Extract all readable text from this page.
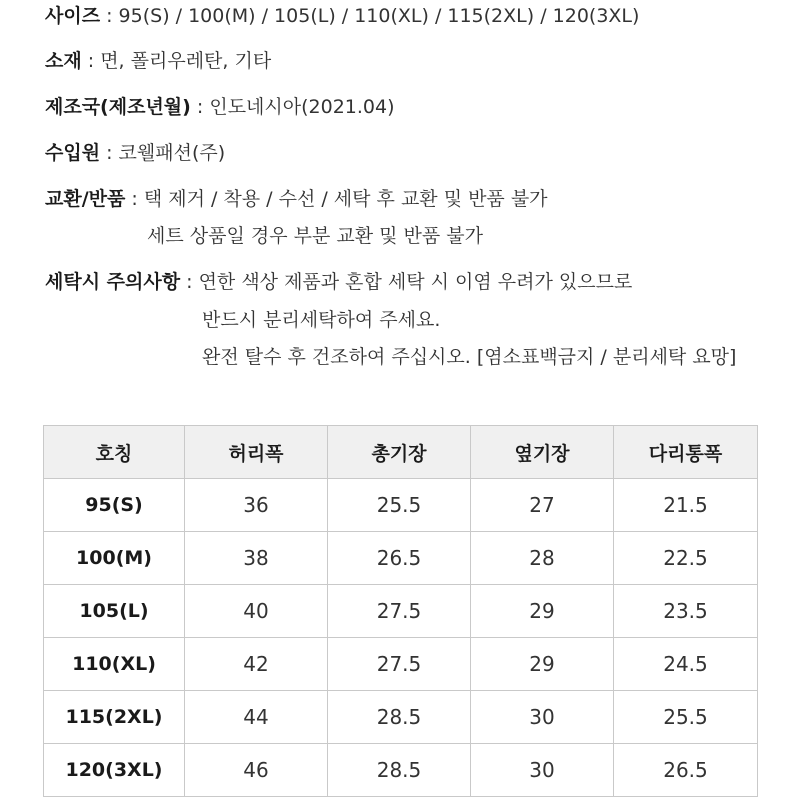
사이즈 : 95(S) / 100(M) / 105(L) / 110(XL) / 115(2XL) / 120(3XL)
소재 : 면, 폴리우레탄, 기타
제조국(제조년월) : 인도네시아(2021.04)
수입원 : 코웰패션(주)
교환/반품 : 택 제거 / 착용 / 수선 / 세탁 후 교환 및 반품 불가
세트 상품일 경우 부분 교환 및 반품 불가
세탁시 주의사항 : 연한 색상 제품과 혼합 세탁 시 이염 우려가 있으므로
반드시 분리세탁하여 주세요.
완전 탈수 후 건조하여 주십시오. [염소표백금지 / 분리세탁 요망]
호칭	허리폭	총기장	옆기장	다리통폭
95(S)	36	25.5	27	21.5
100(M)	38	26.5	28	22.5
105(L)	40	27.5	29	23.5
110(XL)	42	27.5	29	24.5
115(2XL)	44	28.5	30	25.5
120(3XL)	46	28.5	30	26.5
